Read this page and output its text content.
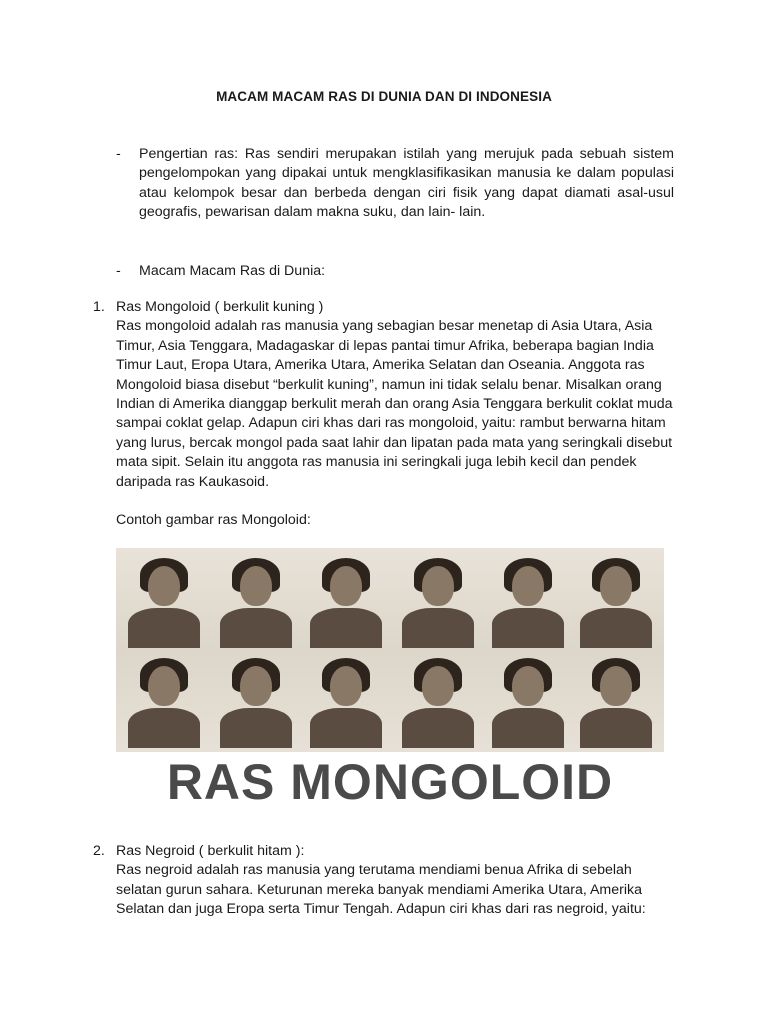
MACAM MACAM RAS DI DUNIA DAN DI INDONESIA
- Pengertian ras: Ras sendiri merupakan istilah yang merujuk pada sebuah sistem pengelompokan yang dipakai untuk mengklasifikasikan manusia ke dalam populasi atau kelompok besar dan berbeda dengan ciri fisik yang dapat diamati asal-usul geografis, pewarisan dalam makna suku, dan lain- lain.
- Macam Macam Ras di Dunia:
1. Ras Mongoloid ( berkulit kuning )
Ras mongoloid adalah ras manusia yang sebagian besar menetap di Asia Utara, Asia Timur, Asia Tenggara, Madagaskar di lepas pantai timur Afrika, beberapa bagian India Timur Laut, Eropa Utara, Amerika Utara, Amerika Selatan dan Oseania. Anggota ras Mongoloid biasa disebut “berkulit kuning”, namun ini tidak selalu benar. Misalkan orang Indian di Amerika dianggap berkulit merah dan orang Asia Tenggara berkulit coklat muda sampai coklat gelap. Adapun ciri khas dari ras mongoloid, yaitu: rambut berwarna hitam yang lurus, bercak mongol pada saat lahir dan lipatan pada mata yang seringkali disebut mata sipit. Selain itu anggota ras manusia ini seringkali juga lebih kecil dan pendek daripada ras Kaukasoid.
Contoh gambar ras Mongoloid:
RAS MONGOLOID
2. Ras Negroid ( berkulit hitam ):
Ras negroid adalah ras manusia yang terutama mendiami benua Afrika di sebelah selatan gurun sahara. Keturunan mereka banyak mendiami Amerika Utara, Amerika Selatan dan juga Eropa serta Timur Tengah. Adapun ciri khas dari ras negroid, yaitu:
